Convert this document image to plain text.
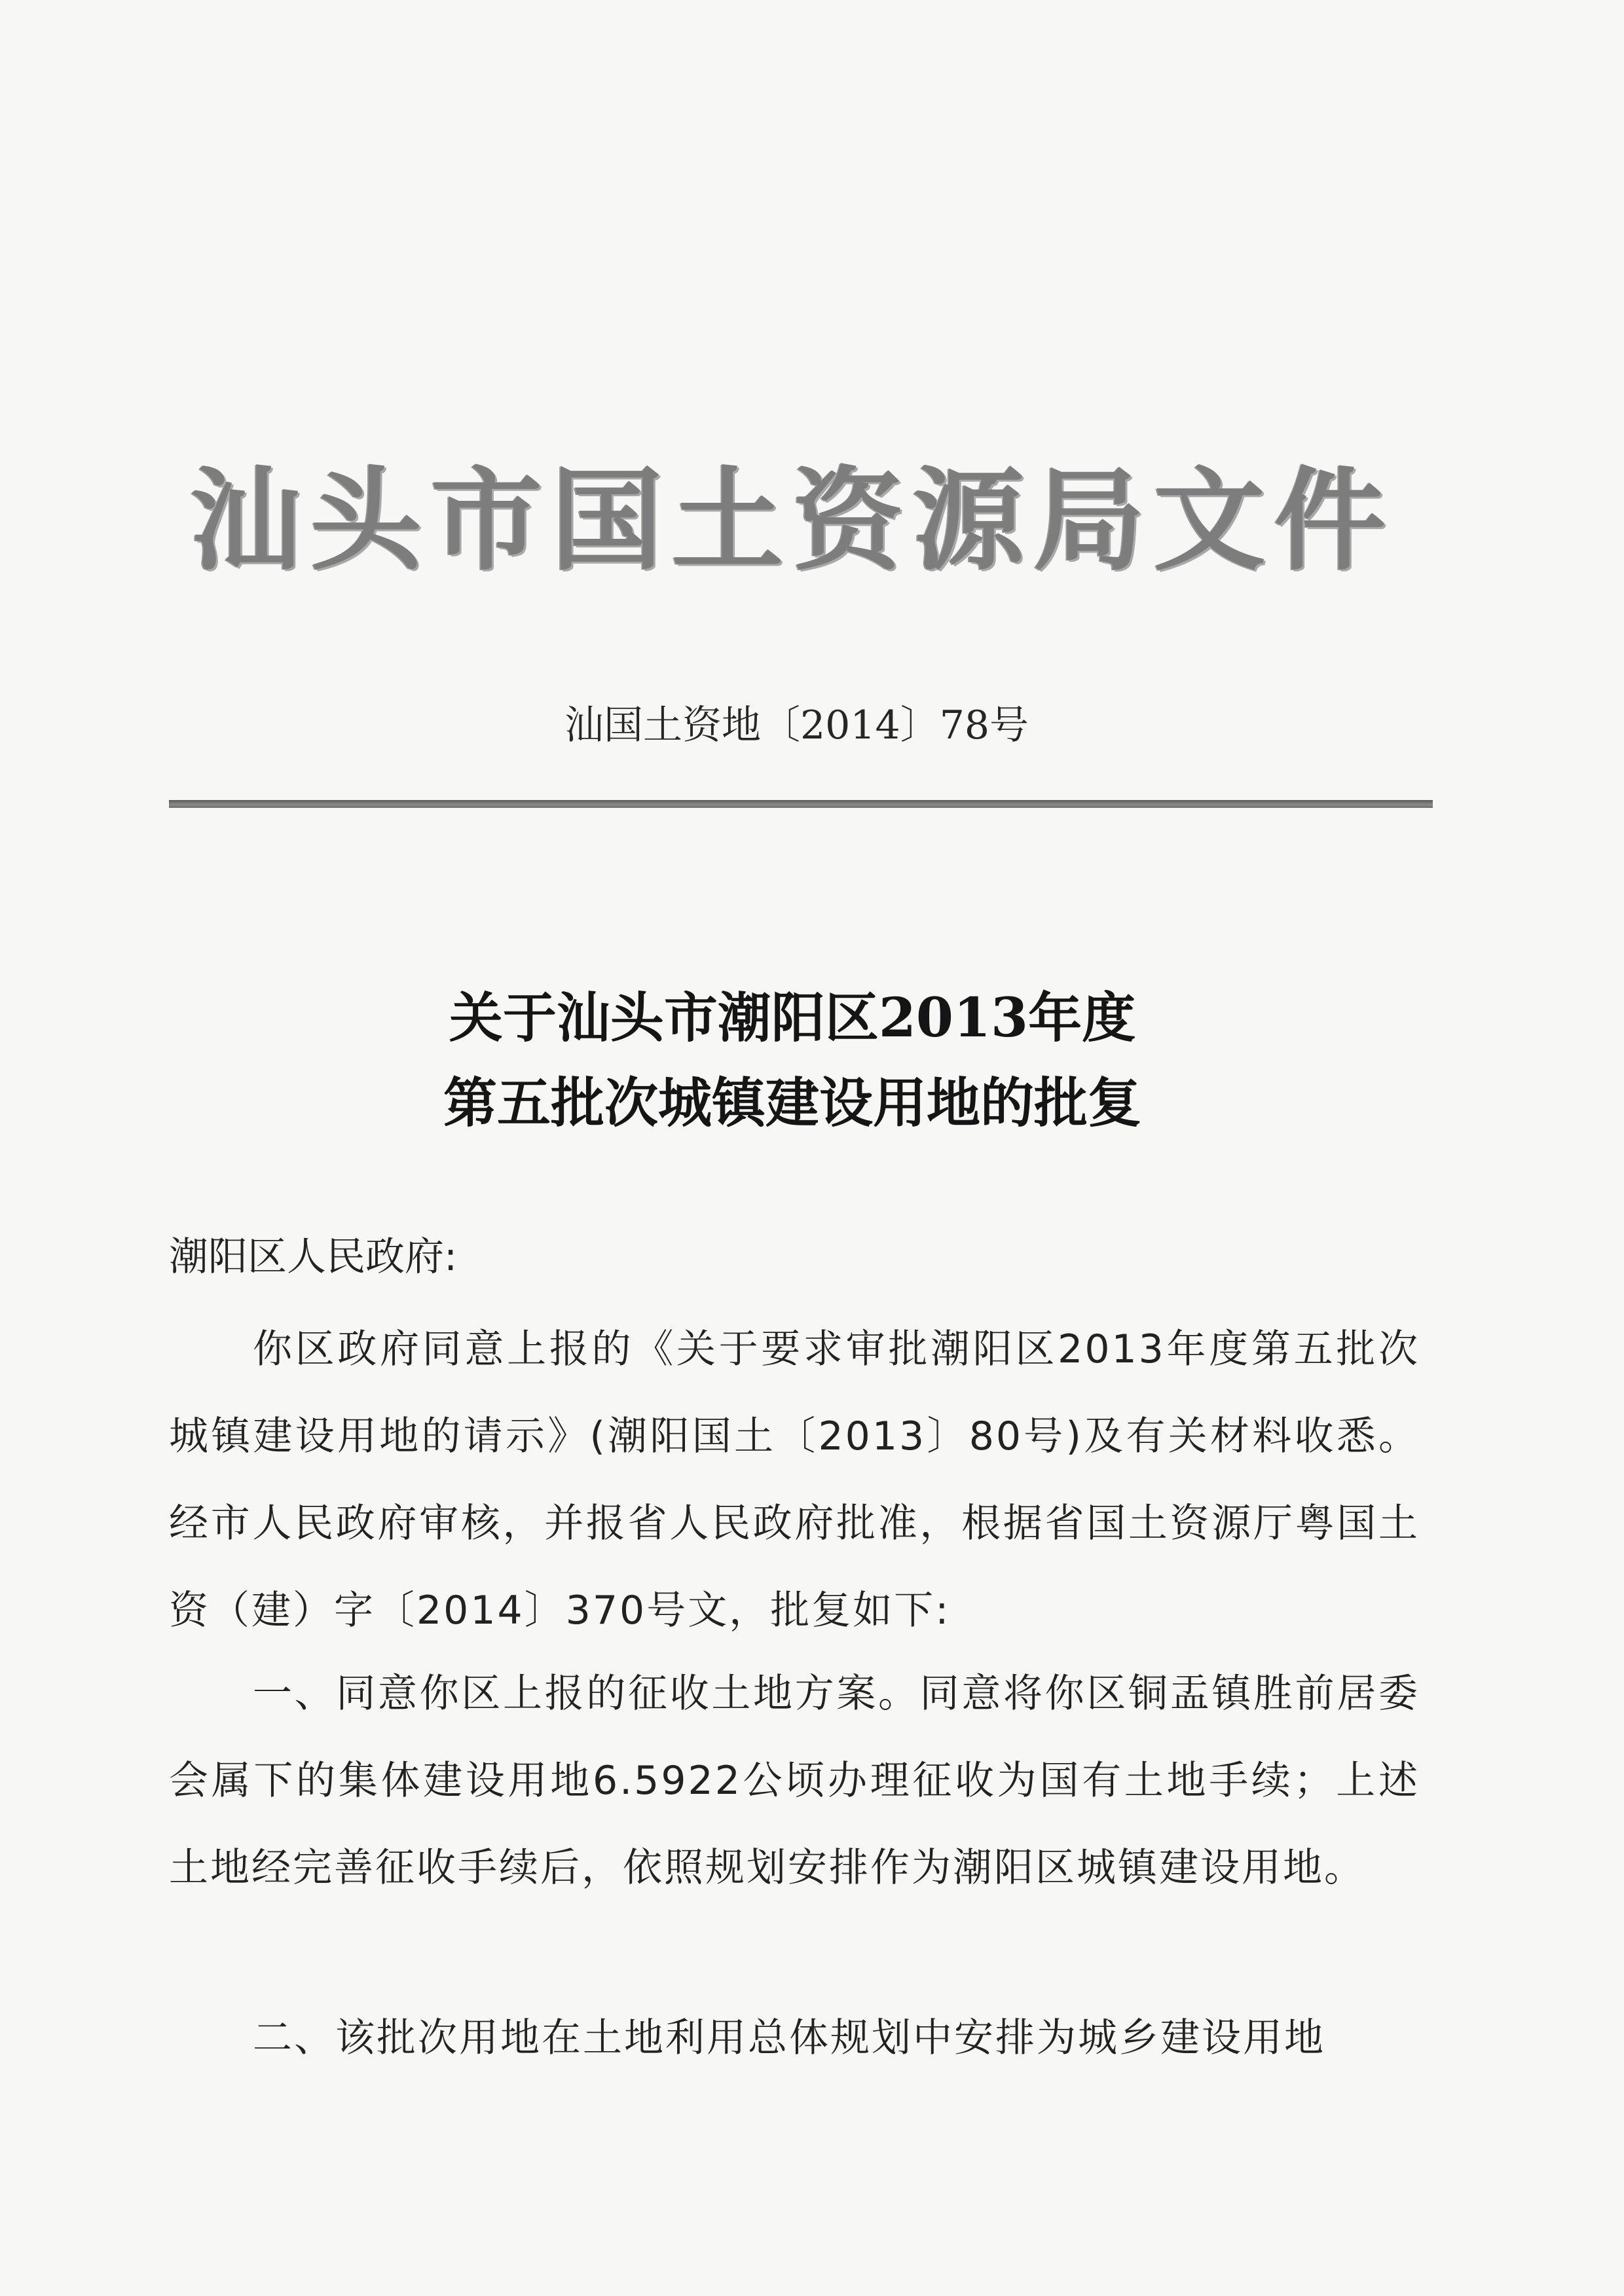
汕头市国土资源局文件
汕国土资地〔2014〕78号
关于汕头市潮阳区2013年度
第五批次城镇建设用地的批复
潮阳区人民政府:

你区政府同意上报的《关于要求审批潮阳区2013年度第五批次城镇建设用地的请示》(潮阳国土〔2013〕80号)及有关材料收悉。经市人民政府审核，并报省人民政府批准，根据省国土资源厅粤国土资（建）字〔2014〕370号文，批复如下:

一、同意你区上报的征收土地方案。同意将你区铜盂镇胜前居委会属下的集体建设用地6.5922公顷办理征收为国有土地手续；上述土地经完善征收手续后，依照规划安排作为潮阳区城镇建设用地。

二、该批次用地在土地利用总体规划中安排为城乡建设用地
